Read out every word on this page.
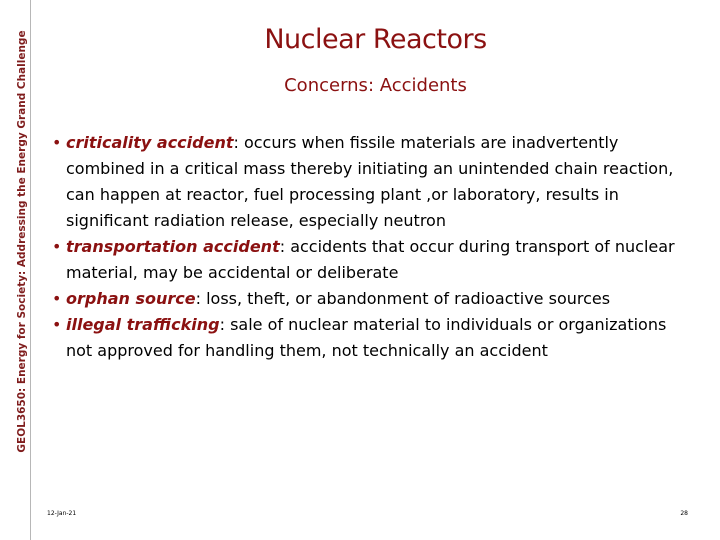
GEOL3650: Energy for Society: Addressing the Energy Grand Challenge	Nuclear Reactors
Concerns: Accidents

• criticality accident: occurs when fissile materials are inadvertently combined in a critical mass thereby initiating an unintended chain reaction, can happen at reactor, fuel processing plant ,or laboratory, results in significant radiation release, especially neutron

• transportation accident: accidents that occur during transport of nuclear material, may be accidental or deliberate

• orphan source: loss, theft, or abandonment of radioactive sources

• illegal trafficking: sale of nuclear material to individuals or organizations not approved for handling them, not technically an accident

12-Jan-21	28
